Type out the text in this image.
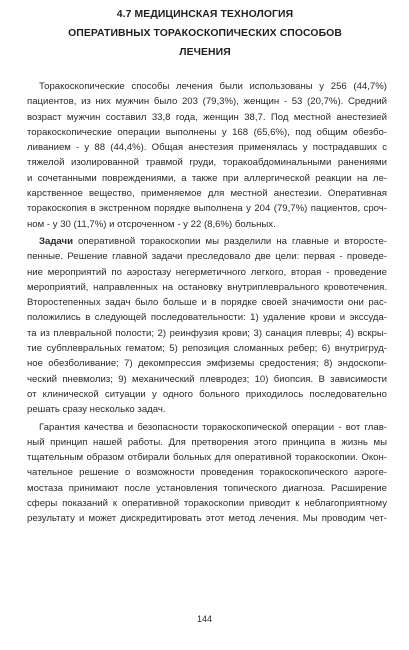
4.7 МЕДИЦИНСКАЯ ТЕХНОЛОГИЯ
ОПЕРАТИВНЫХ ТОРАКОСКОПИЧЕСКИХ СПОСОБОВ
ЛЕЧЕНИЯ
Торакоскопические способы лечения были использованы у 256 (44,7%)
пациентов, из них мужчин было 203 (79,3%), женщин - 53 (20,7%). Средний
возраст мужчин составил 33,8 года, женщин 38,7. Под местной анестезией
торакоскопические операции выполнены у 168 (65,6%), под общим обезбо-
ливанием - у 88 (44,4%). Общая анестезия применялась у пострадавших с
тяжелой изолированной травмой груди, торакоабдоминальными ранениями
и сочетанными повреждениями, а также при аллергической реакции на ле-
карственное вещество, применяемое для местной анестезии. Оперативная
торакоскопия в экстренном порядке выполнена у 204 (79,7%) пациентов, сроч-
ном - у 30 (11,7%) и отсроченном - у 22 (8,6%) больных.
Задачи оперативной торакоскопии мы разделили на главные и второсте-
пенные. Решение главной задачи преследовало две цели: первая - проведе-
ние мероприятий по аэростазу негерметичного легкого, вторая - проведение
мероприятий, направленных на остановку внутриплеврального кровотечения.
Второстепенных задач было больше и в порядке своей значимости они рас-
положились в следующей последовательности: 1) удаление крови и экссуда-
та из плевральной полости; 2) реинфузия крови; 3) санация плевры; 4) вскры-
тие субплевральных гематом; 5) репозиция сломанных ребер; 6) внутригруд-
ное обезболивание; 7) декомпрессия эмфиземы средостения; 8) эндоскопи-
ческий пневмолиз; 9) механический плевродез; 10) биопсия. В зависимости
от клинической ситуации у одного больного приходилось последовательно
решать сразу несколько задач.
Гарантия качества и безопасности торакоскопической операции - вот глав-
ный принцип нашей работы. Для претворения этого принципа в жизнь мы
тщательным образом отбирали больных для оперативной торакоскопии. Окон-
чательное решение о возможности проведения торакоскопического аэрогe-
мостаза принимают после установления топического диагноза. Расширение
сферы показаний к оперативной торакоскопии приводит к неблагоприятному
результату и может дискредитировать этот метод лечения. Мы проводим чет-
144
